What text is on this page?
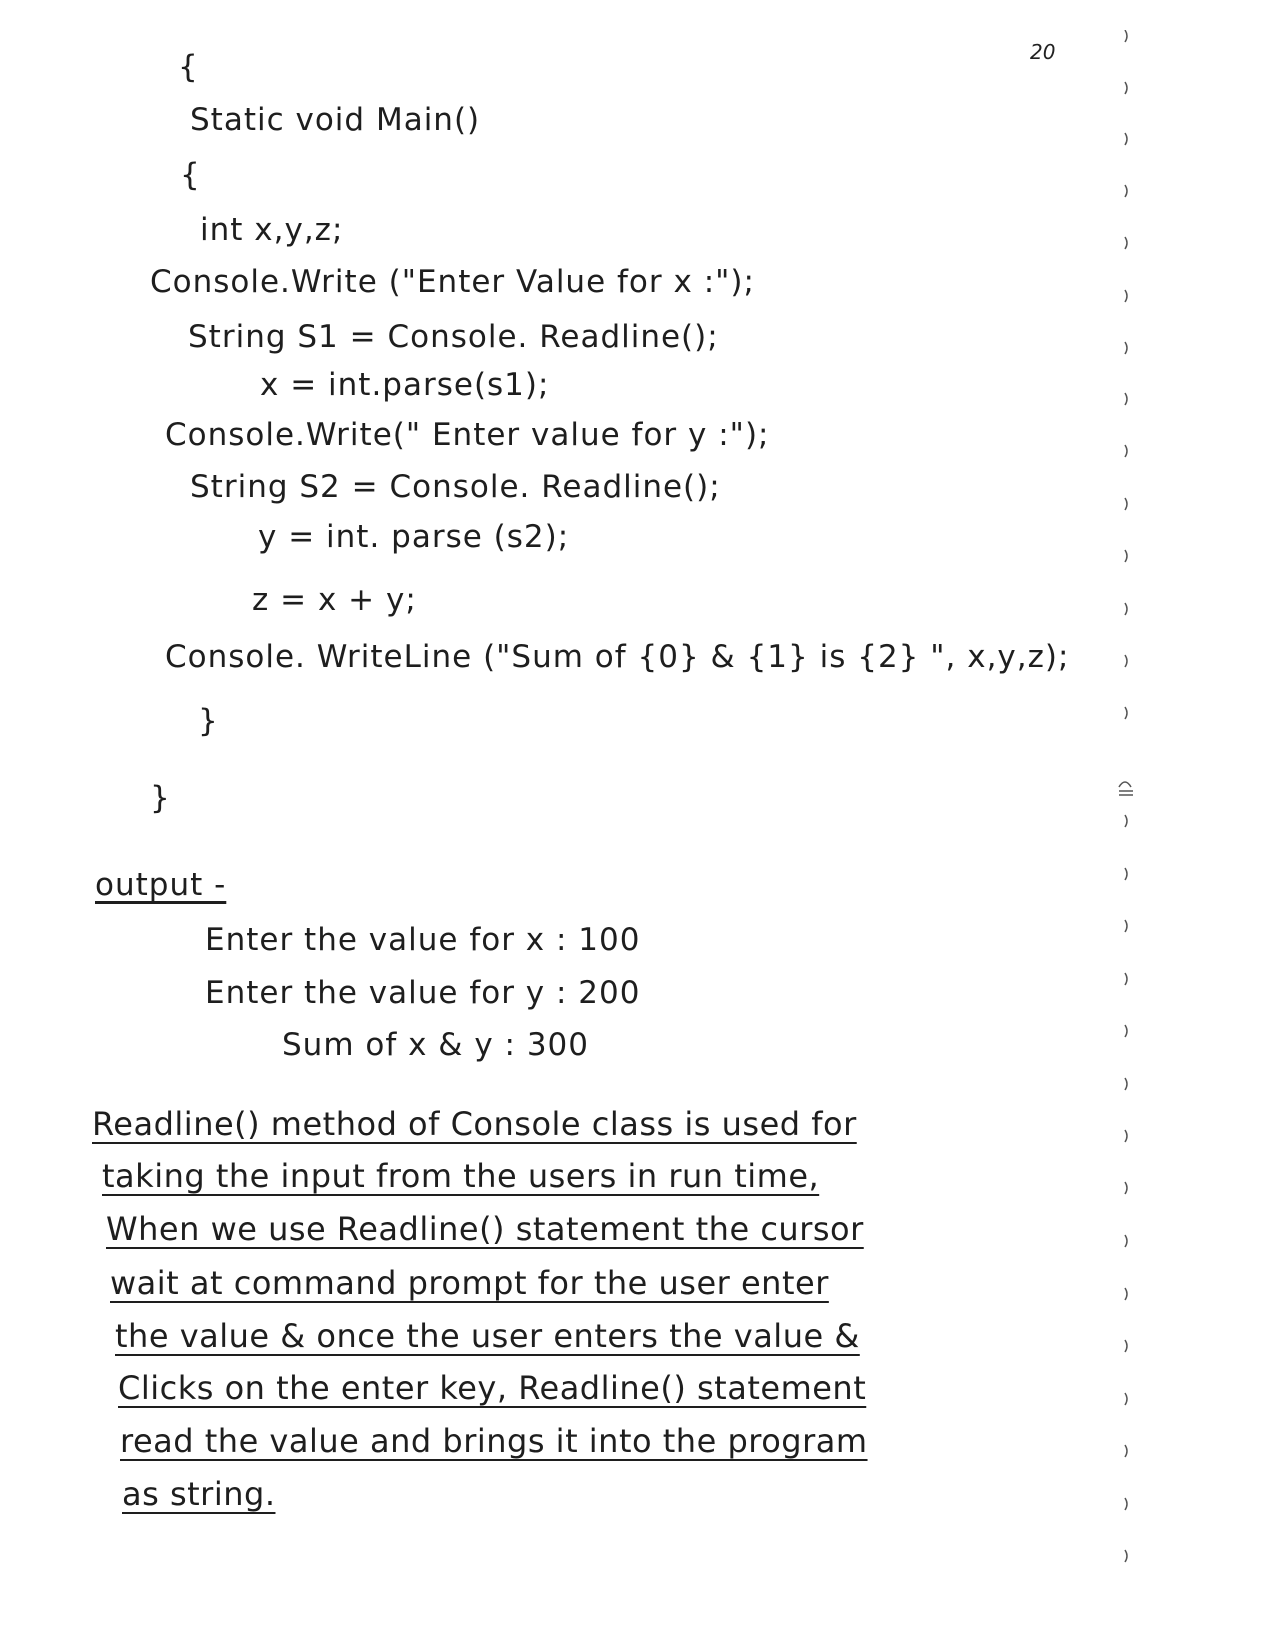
20
{
Static void Main()
{
int x,y,z;
Console.Write ("Enter Value for x :");
String S1 = Console. Readline();
x = int.parse(s1);
Console.Write(" Enter value for y :");
String S2 = Console. Readline();
y = int. parse (s2);
z = x + y;
Console. WriteLine ("Sum of {0} & {1} is {2} ", x,y,z);
}
}
output -
Enter the value for x : 100
Enter the value for y : 200
Sum of x & y : 300
Readline() method of Console class is used for
taking the input from the users in run time,
When we use Readline() statement the cursor
wait at command prompt for the user enter
the value & once the user enters the value &
Clicks on the enter key, Readline() statement
read the value and brings it into the program
as string.
